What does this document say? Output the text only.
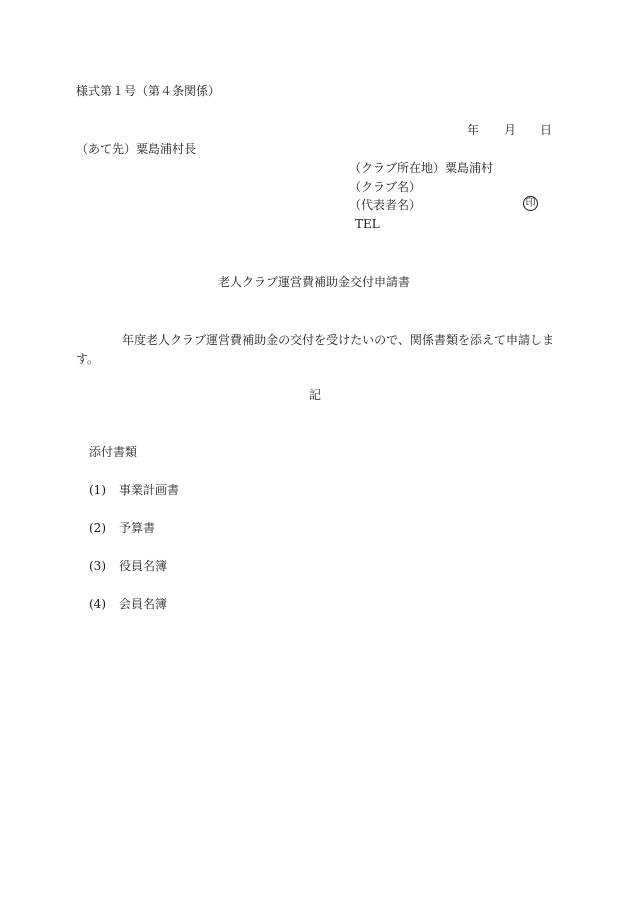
様式第１号（第４条関係）
年 月 日
（あて先）粟島浦村長
（クラブ所在地）粟島浦村
（クラブ名）
（代表者名）	印
TEL
老人クラブ運営費補助金交付申請書
年度老人クラブ運営費補助金の交付を受けたいので、関係書類を添えて申請します。
記
添付書類
(1) 事業計画書
(2) 予算書
(3) 役員名簿
(4) 会員名簿
